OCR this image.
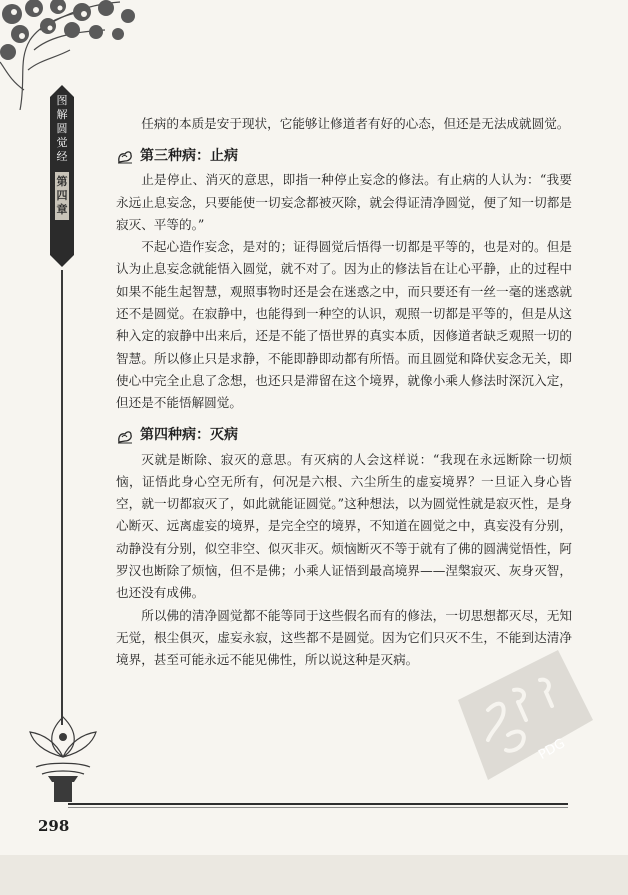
图解圆觉经
第四章

任病的本质是安于现状，它能够让修道者有好的心态，但还是无法成就圆觉。

第三种病：止病

止是停止、消灭的意思，即指一种停止妄念的修法。有止病的人认为：“我要永远止息妄念，只要能使一切妄念都被灭除，就会得证清净圆觉，便了知一切都是寂灭、平等的。”

不起心造作妄念，是对的；证得圆觉后悟得一切都是平等的，也是对的。但是认为止息妄念就能悟入圆觉，就不对了。因为止的修法旨在让心平静，止的过程中如果不能生起智慧，观照事物时还是会在迷惑之中，而只要还有一丝一毫的迷惑就还不是圆觉。在寂静中，也能得到一种空的认识，观照一切都是平等的，但是从这种入定的寂静中出来后，还是不能了悟世界的真实本质，因修道者缺乏观照一切的智慧。所以修止只是求静，不能即静即动都有所悟。而且圆觉和降伏妄念无关，即使心中完全止息了念想，也还只是滞留在这个境界，就像小乘人修法时深沉入定，但还是不能悟解圆觉。

第四种病：灭病

灭就是断除、寂灭的意思。有灭病的人会这样说：“我现在永远断除一切烦恼，证悟此身心空无所有，何况是六根、六尘所生的虚妄境界？一旦证入身心皆空，就一切都寂灭了，如此就能证圆觉。”这种想法，以为圆觉性就是寂灭性，是身心断灭、远离虚妄的境界，是完全空的境界，不知道在圆觉之中，真妄没有分别，动静没有分别，似空非空、似灭非灭。烦恼断灭不等于就有了佛的圆满觉悟性，阿罗汉也断除了烦恼，但不是佛；小乘人证悟到最高境界——涅槃寂灭、灰身灭智，也还没有成佛。

所以佛的清净圆觉都不能等同于这些假名而有的修法，一切思想都灭尽，无知无觉，根尘俱灭，虚妄永寂，这些都不是圆觉。因为它们只灭不生，不能到达清净境界，甚至可能永远不能见佛性，所以说这种是灭病。

PDG
298
